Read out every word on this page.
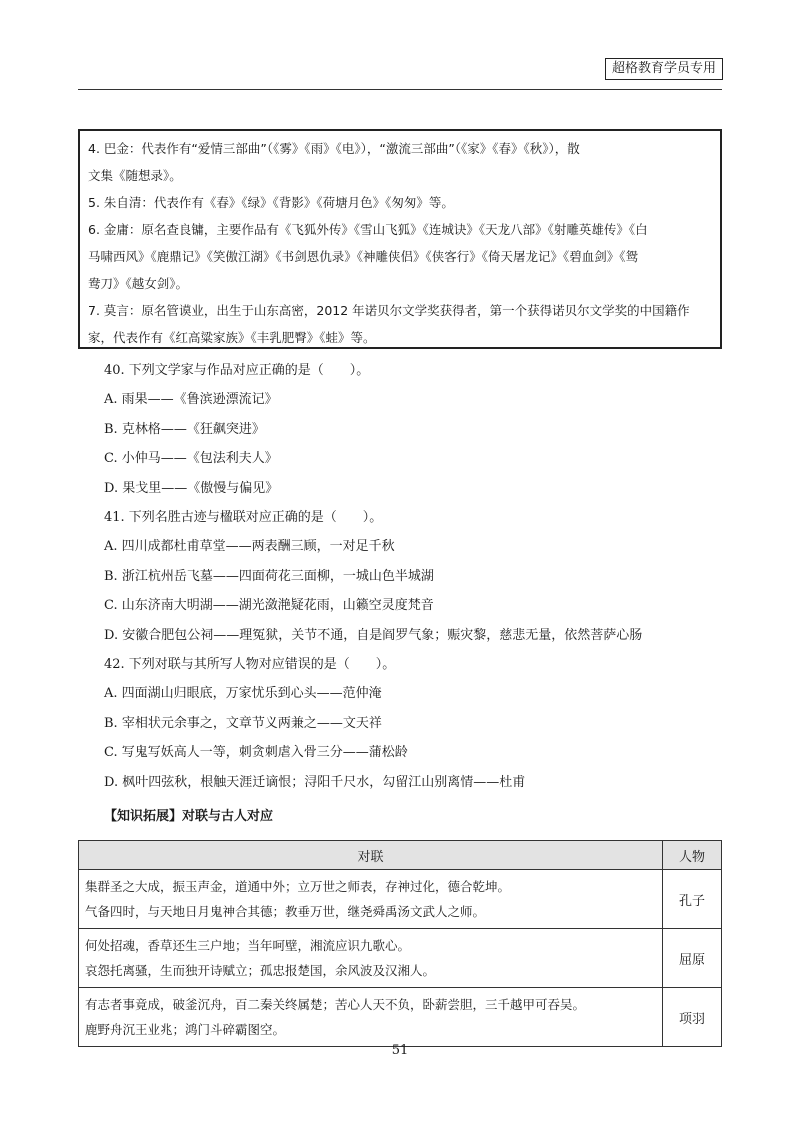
超格教育学员专用

4. 巴金：代表作有“爱情三部曲”（《雾》《雨》《电》），“激流三部曲”（《家》《春》《秋》），散

文集《随想录》。

5. 朱自清：代表作有《春》《绿》《背影》《荷塘月色》《匆匆》等。

6. 金庸：原名查良镛，主要作品有《飞狐外传》《雪山飞狐》《连城诀》《天龙八部》《射雕英雄传》《白

马啸西风》《鹿鼎记》《笑傲江湖》《书剑恩仇录》《神雕侠侣》《侠客行》《倚天屠龙记》《碧血剑》《鸳

鸯刀》《越女剑》。

7. 莫言：原名管谟业，出生于山东高密，2012 年诺贝尔文学奖获得者，第一个获得诺贝尔文学奖的中国籍作

家，代表作有《红高粱家族》《丰乳肥臀》《蛙》等。

40. 下列文学家与作品对应正确的是（　　）。

A. 雨果——《鲁滨逊漂流记》

B. 克林格——《狂飙突进》

C. 小仲马——《包法利夫人》

D. 果戈里——《傲慢与偏见》

41. 下列名胜古迹与楹联对应正确的是（　　）。

A. 四川成都杜甫草堂——两表酬三顾，一对足千秋

B. 浙江杭州岳飞墓——四面荷花三面柳，一城山色半城湖

C. 山东济南大明湖——湖光潋滟疑花雨，山籁空灵度梵音

D. 安徽合肥包公祠——理冤狱，关节不通，自是阎罗气象；赈灾黎，慈悲无量，依然菩萨心肠

42. 下列对联与其所写人物对应错误的是（　　）。

A. 四面湖山归眼底，万家忧乐到心头——范仲淹

B. 宰相状元余事之，文章节义两兼之——文天祥

C. 写鬼写妖高人一等，刺贪刺虐入骨三分——蒲松龄

D. 枫叶四弦秋，根触天涯迁谪恨；浔阳千尺水，勾留江山别离情——杜甫

【知识拓展】对联与古人对应
对联	人物

集群圣之大成，振玉声金，道通中外；立万世之师表，存神过化，德合乾坤。
气备四时，与天地日月鬼神合其德；教垂万世，继尧舜禹汤文武人之师。	孔子

何处招魂，香草还生三户地；当年呵壁，湘流应识九歌心。
哀怨托离骚，生而独开诗赋立；孤忠报楚国，余风波及汉湘人。	屈原

有志者事竟成，破釜沉舟，百二秦关终属楚；苦心人天不负，卧薪尝胆，三千越甲可吞吴。
鹿野舟沉王业兆；鸿门斗碎霸图空。	项羽
51
